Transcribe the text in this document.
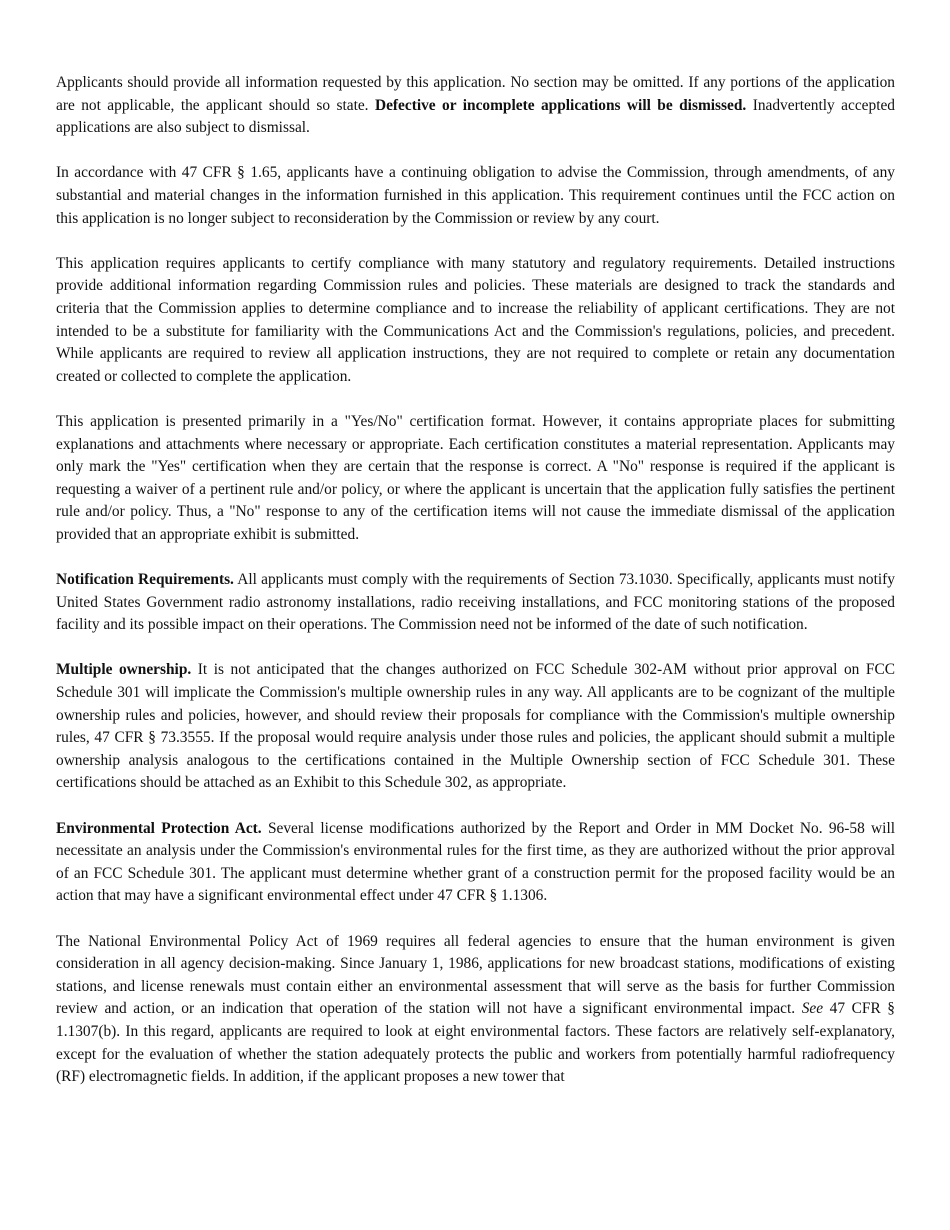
Applicants should provide all information requested by this application. No section may be omitted. If any portions of the application are not applicable, the applicant should so state. Defective or incomplete applications will be dismissed. Inadvertently accepted applications are also subject to dismissal.

In accordance with 47 CFR § 1.65, applicants have a continuing obligation to advise the Commission, through amendments, of any substantial and material changes in the information furnished in this application. This requirement continues until the FCC action on this application is no longer subject to reconsideration by the Commission or review by any court.

This application requires applicants to certify compliance with many statutory and regulatory requirements. Detailed instructions provide additional information regarding Commission rules and policies. These materials are designed to track the standards and criteria that the Commission applies to determine compliance and to increase the reliability of applicant certifications. They are not intended to be a substitute for familiarity with the Communications Act and the Commission's regulations, policies, and precedent. While applicants are required to review all application instructions, they are not required to complete or retain any documentation created or collected to complete the application.

This application is presented primarily in a "Yes/No" certification format. However, it contains appropriate places for submitting explanations and attachments where necessary or appropriate. Each certification constitutes a material representation. Applicants may only mark the "Yes" certification when they are certain that the response is correct. A "No" response is required if the applicant is requesting a waiver of a pertinent rule and/or policy, or where the applicant is uncertain that the application fully satisfies the pertinent rule and/or policy. Thus, a "No" response to any of the certification items will not cause the immediate dismissal of the application provided that an appropriate exhibit is submitted.

Notification Requirements. All applicants must comply with the requirements of Section 73.1030. Specifically, applicants must notify United States Government radio astronomy installations, radio receiving installations, and FCC monitoring stations of the proposed facility and its possible impact on their operations. The Commission need not be informed of the date of such notification.

Multiple ownership. It is not anticipated that the changes authorized on FCC Schedule 302-AM without prior approval on FCC Schedule 301 will implicate the Commission's multiple ownership rules in any way. All applicants are to be cognizant of the multiple ownership rules and policies, however, and should review their proposals for compliance with the Commission's multiple ownership rules, 47 CFR § 73.3555. If the proposal would require analysis under those rules and policies, the applicant should submit a multiple ownership analysis analogous to the certifications contained in the Multiple Ownership section of FCC Schedule 301. These certifications should be attached as an Exhibit to this Schedule 302, as appropriate.

Environmental Protection Act. Several license modifications authorized by the Report and Order in MM Docket No. 96-58 will necessitate an analysis under the Commission's environmental rules for the first time, as they are authorized without the prior approval of an FCC Schedule 301. The applicant must determine whether grant of a construction permit for the proposed facility would be an action that may have a significant environmental effect under 47 CFR § 1.1306.

The National Environmental Policy Act of 1969 requires all federal agencies to ensure that the human environment is given consideration in all agency decision-making. Since January 1, 1986, applications for new broadcast stations, modifications of existing stations, and license renewals must contain either an environmental assessment that will serve as the basis for further Commission review and action, or an indication that operation of the station will not have a significant environmental impact. See 47 CFR § 1.1307(b). In this regard, applicants are required to look at eight environmental factors. These factors are relatively self-explanatory, except for the evaluation of whether the station adequately protects the public and workers from potentially harmful radiofrequency (RF) electromagnetic fields. In addition, if the applicant proposes a new tower that
